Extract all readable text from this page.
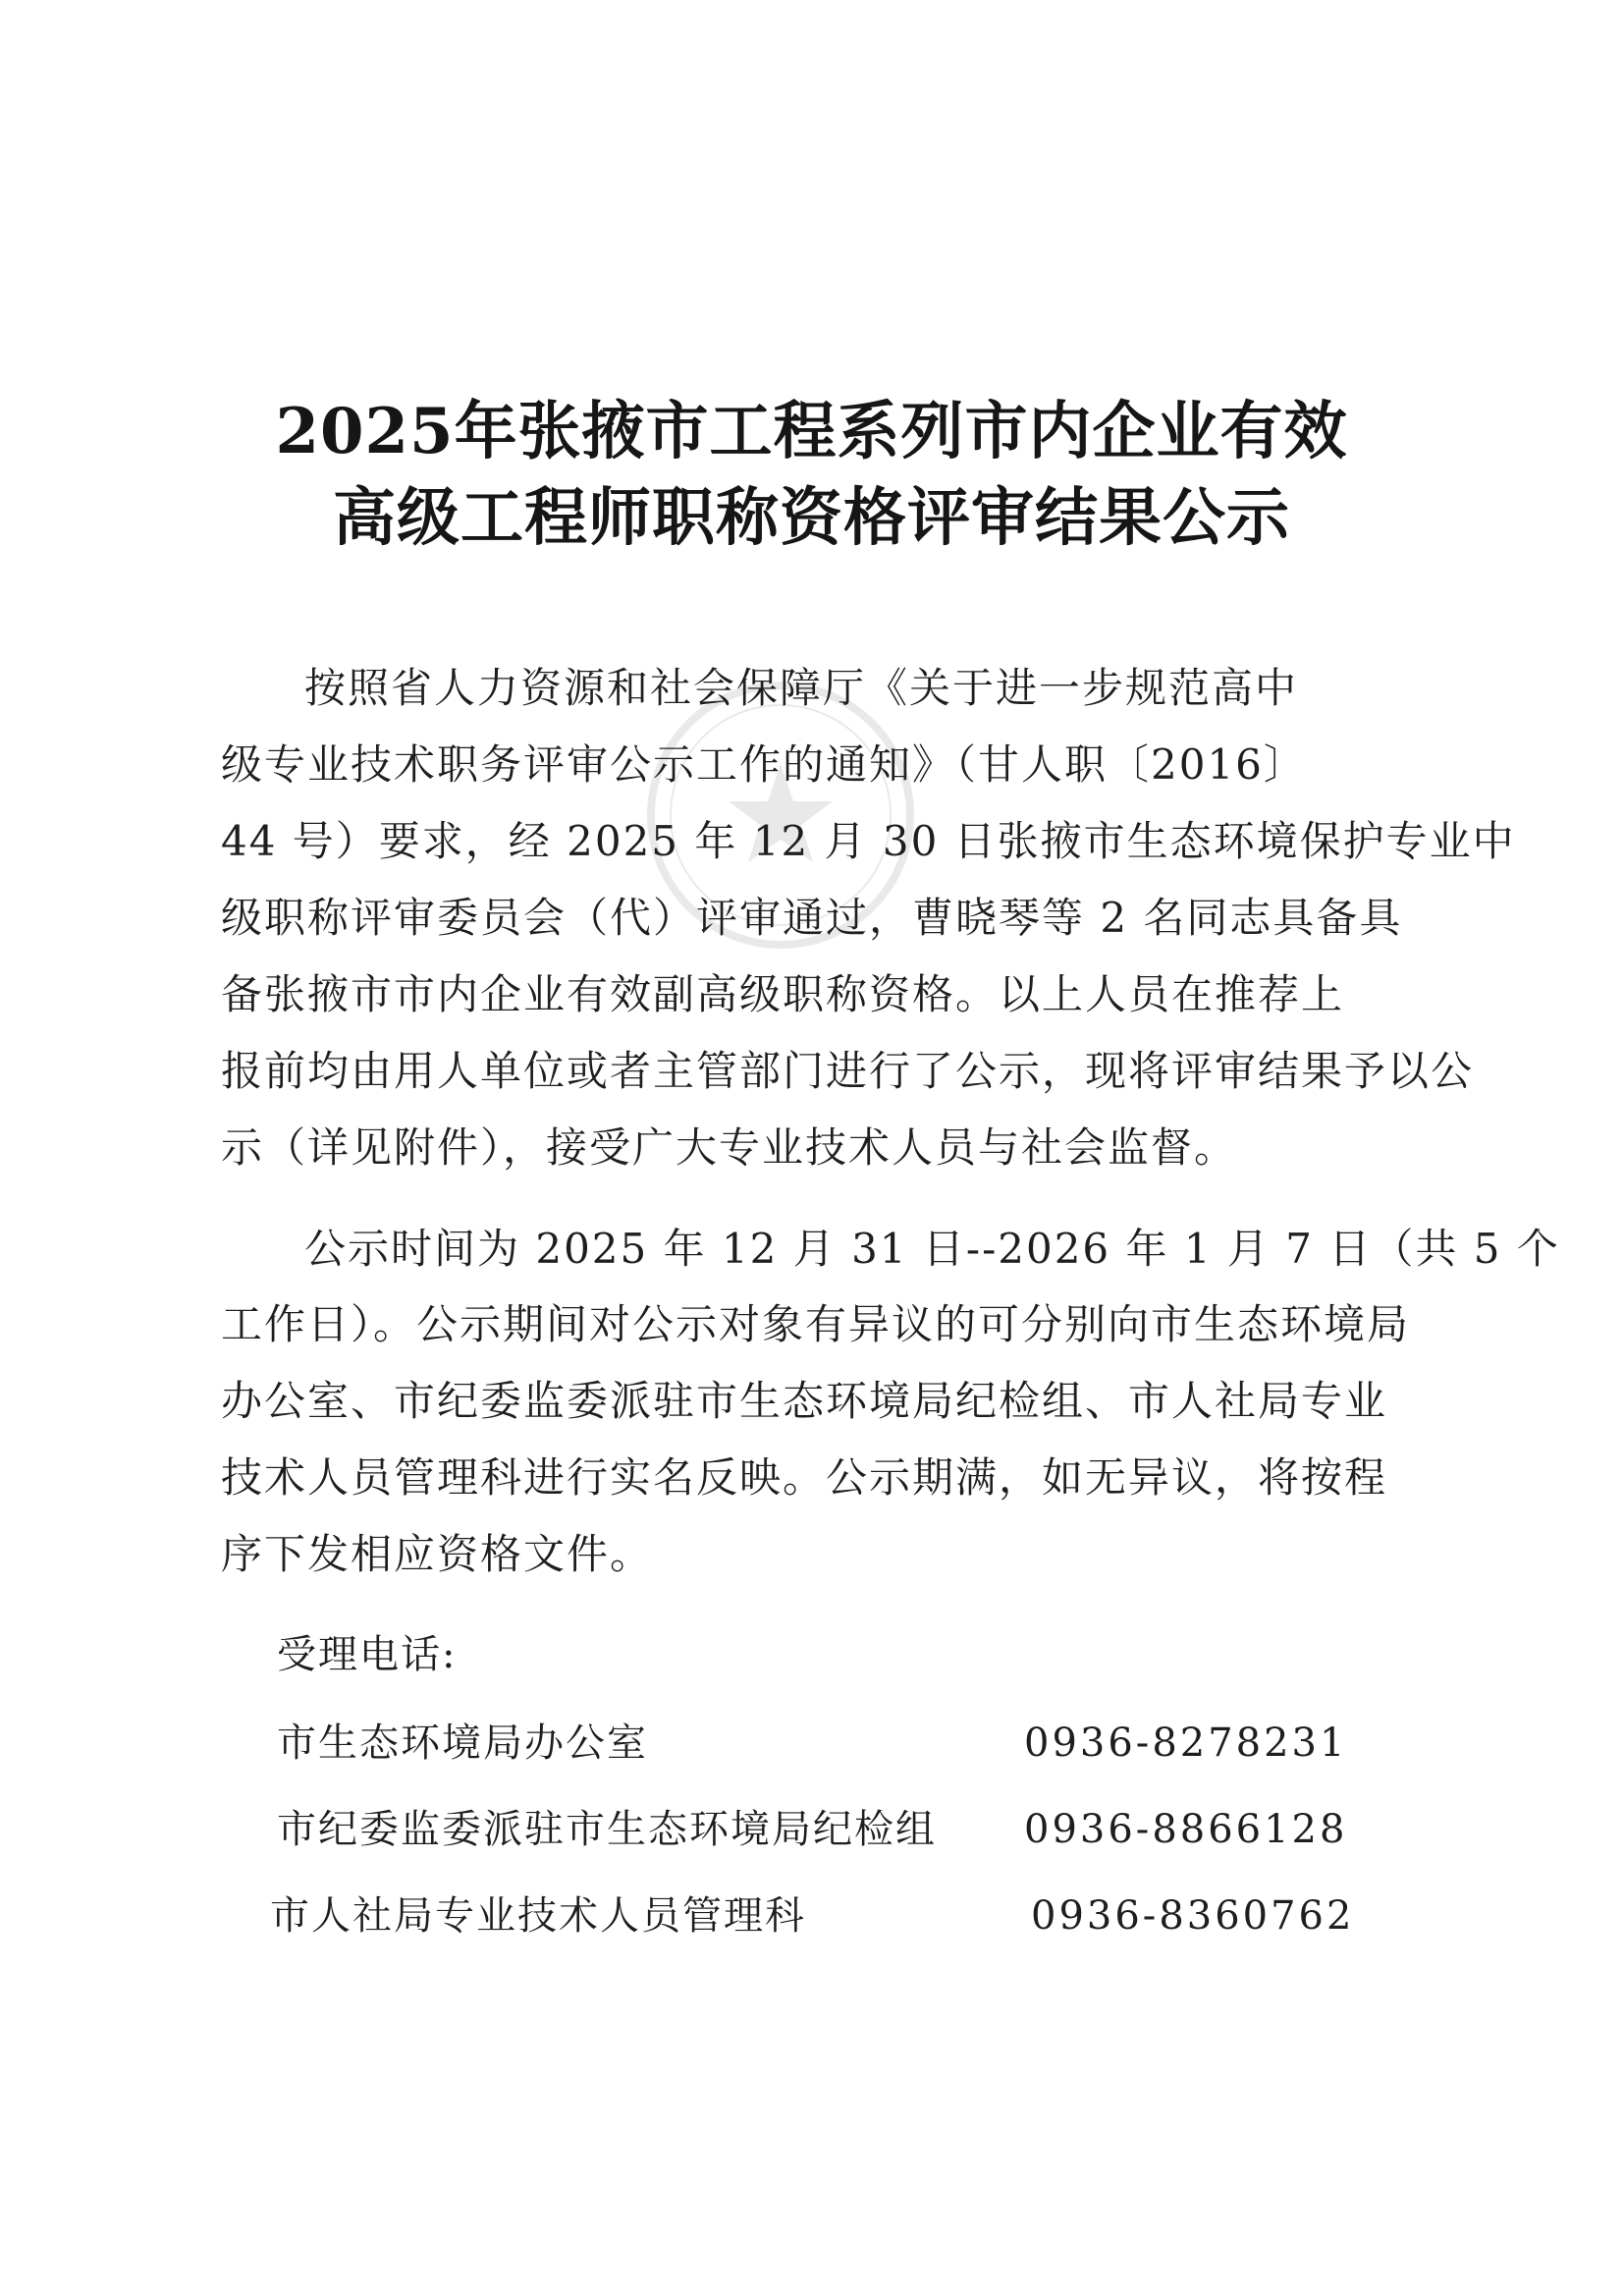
2025年张掖市工程系列市内企业有效
高级工程师职称资格评审结果公示
按照省人力资源和社会保障厅《关于进一步规范高中
级专业技术职务评审公示工作的通知》（甘人职〔2016〕
44 号）要求，经 2025 年 12 月 30 日张掖市生态环境保护专业中
级职称评审委员会（代）评审通过，曹晓琴等 2 名同志具备具
备张掖市市内企业有效副高级职称资格。以上人员在推荐上
报前均由用人单位或者主管部门进行了公示，现将评审结果予以公
示（详见附件），接受广大专业技术人员与社会监督。
公示时间为 2025 年 12 月 31 日--2026 年 1 月 7 日（共 5 个
工作日）。公示期间对公示对象有异议的可分别向市生态环境局
办公室、市纪委监委派驻市生态环境局纪检组、市人社局专业
技术人员管理科进行实名反映。公示期满，如无异议，将按程
序下发相应资格文件。
受理电话:
市生态环境局办公室	0936-8278231
市纪委监委派驻市生态环境局纪检组 0936-8866128
市人社局专业技术人员管理科	0936-8360762
